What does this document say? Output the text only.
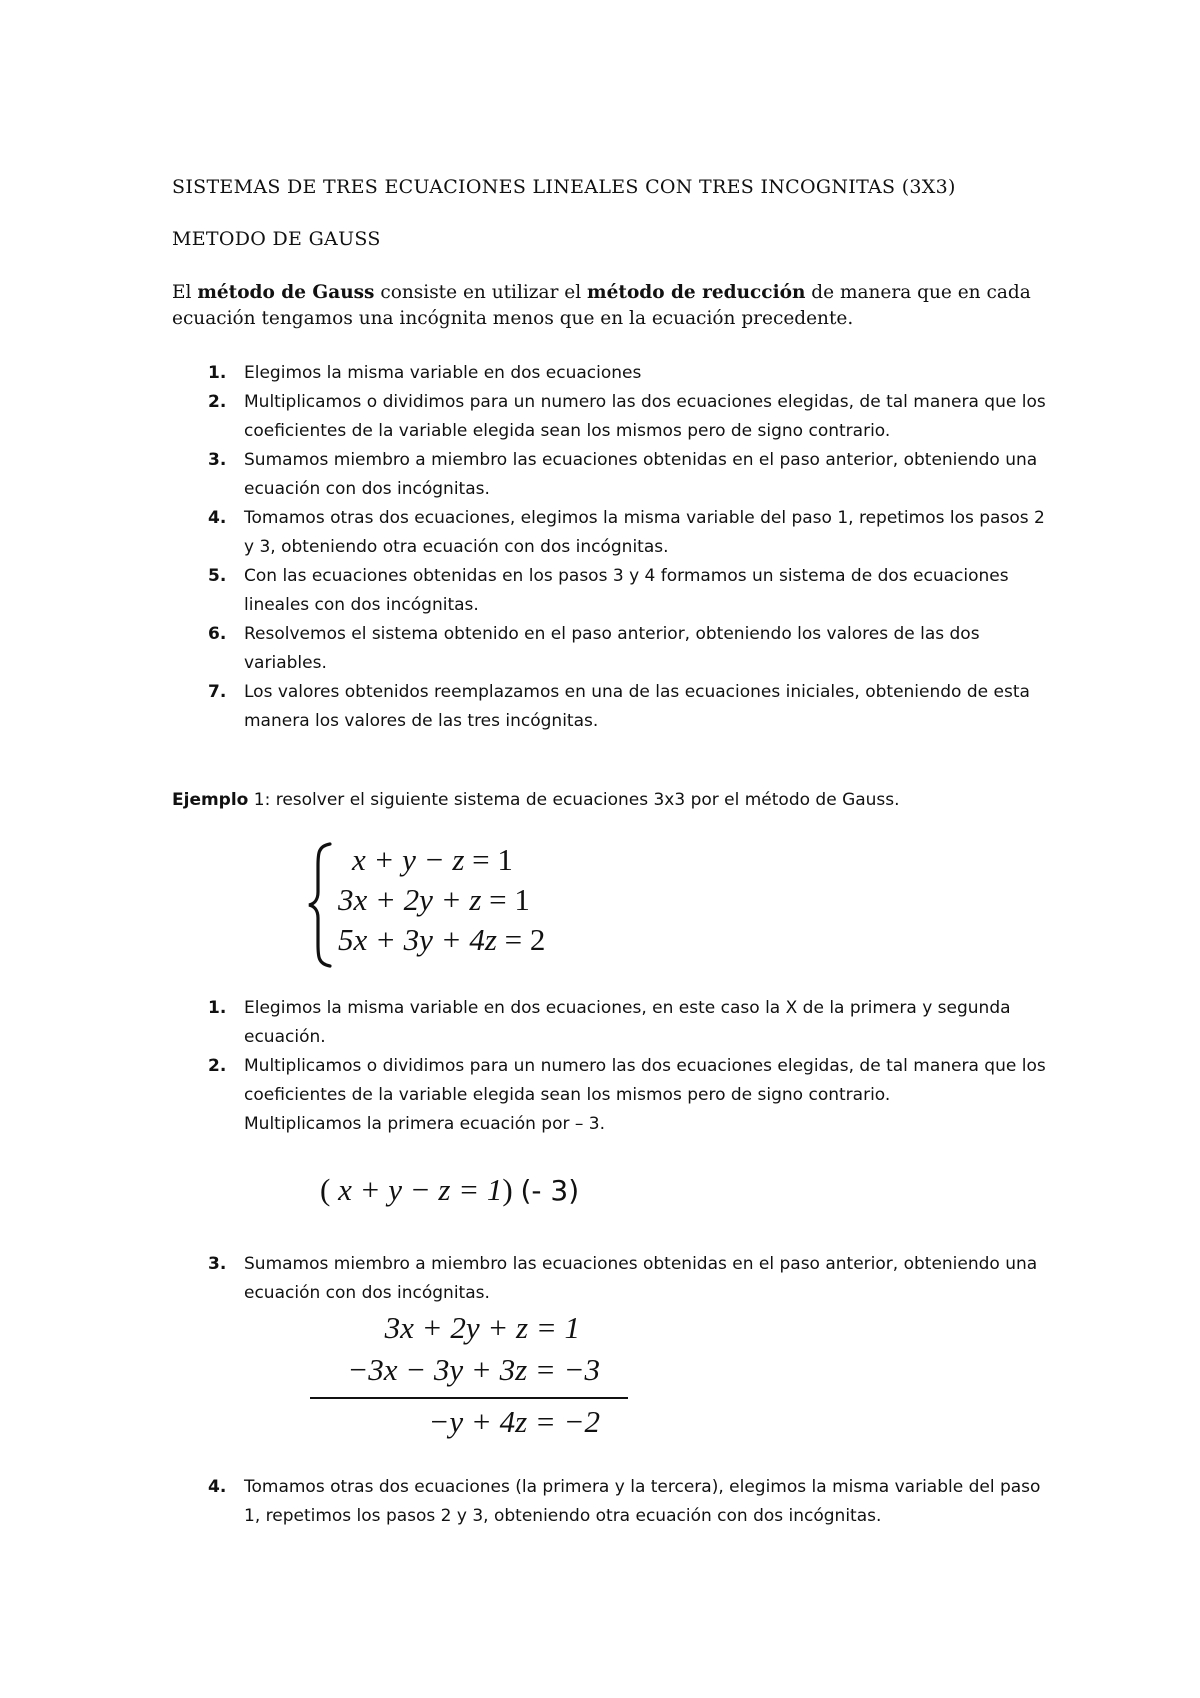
SISTEMAS DE TRES ECUACIONES LINEALES CON TRES INCOGNITAS (3X3)
METODO DE GAUSS
El método de Gauss consiste en utilizar el método de reducción de manera que en cada ecuación tengamos una incógnita menos que en la ecuación precedente.
1. Elegimos la misma variable en dos ecuaciones
2. Multiplicamos o dividimos para un numero las dos ecuaciones elegidas, de tal manera que los coeficientes de la variable elegida sean los mismos pero de signo contrario.
3. Sumamos miembro a miembro las ecuaciones obtenidas en el paso anterior, obteniendo una ecuación con dos incógnitas.
4. Tomamos otras dos ecuaciones, elegimos la misma variable del paso 1, repetimos los pasos 2 y 3, obteniendo otra ecuación con dos incógnitas.
5. Con las ecuaciones obtenidas en los pasos 3 y 4 formamos un sistema de dos ecuaciones lineales con dos incógnitas.
6. Resolvemos el sistema obtenido en el paso anterior, obteniendo los valores de las dos variables.
7. Los valores obtenidos reemplazamos en una de las ecuaciones iniciales, obteniendo de esta manera los valores de las tres incógnitas.
Ejemplo 1: resolver el siguiente sistema de ecuaciones 3x3 por el método de Gauss.
x + y − z = 1
3x + 2y + z = 1
5x + 3y + 4z = 2
1. Elegimos la misma variable en dos ecuaciones, en este caso la X de la primera y segunda ecuación.
2. Multiplicamos o dividimos para un numero las dos ecuaciones elegidas, de tal manera que los coeficientes de la variable elegida sean los mismos pero de signo contrario.
Multiplicamos la primera ecuación por – 3.
( x + y − z = 1) (- 3)
3. Sumamos miembro a miembro las ecuaciones obtenidas en el paso anterior, obteniendo una ecuación con dos incógnitas.
3x + 2y + z = 1
−3x − 3y + 3z = −3
−y + 4z = −2
4. Tomamos otras dos ecuaciones (la primera y la tercera), elegimos la misma variable del paso 1, repetimos los pasos 2 y 3, obteniendo otra ecuación con dos incógnitas.
